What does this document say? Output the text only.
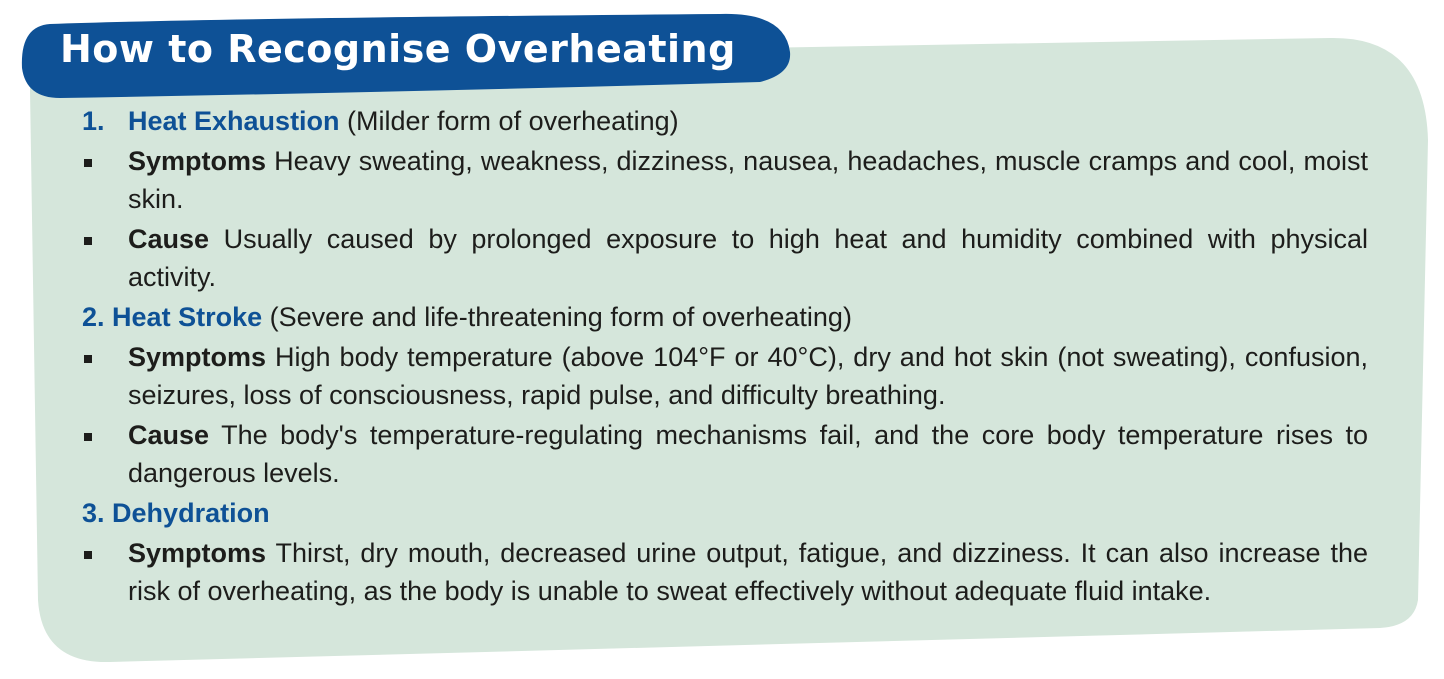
How to Recognise Overheating
1. Heat Exhaustion (Milder form of overheating)
Symptoms Heavy sweating, weakness, dizziness, nausea, headaches, muscle cramps and cool, moist skin.
Cause Usually caused by prolonged exposure to high heat and humidity combined with physical activity.
2. Heat Stroke (Severe and life-threatening form of overheating)
Symptoms High body temperature (above 104°F or 40°C), dry and hot skin (not sweating), confusion, seizures, loss of consciousness, rapid pulse, and difficulty breathing.
Cause The body's temperature-regulating mechanisms fail, and the core body temperature rises to dangerous levels.
3. Dehydration
Symptoms Thirst, dry mouth, decreased urine output, fatigue, and dizziness. It can also increase the risk of overheating, as the body is unable to sweat effectively without adequate fluid intake.
